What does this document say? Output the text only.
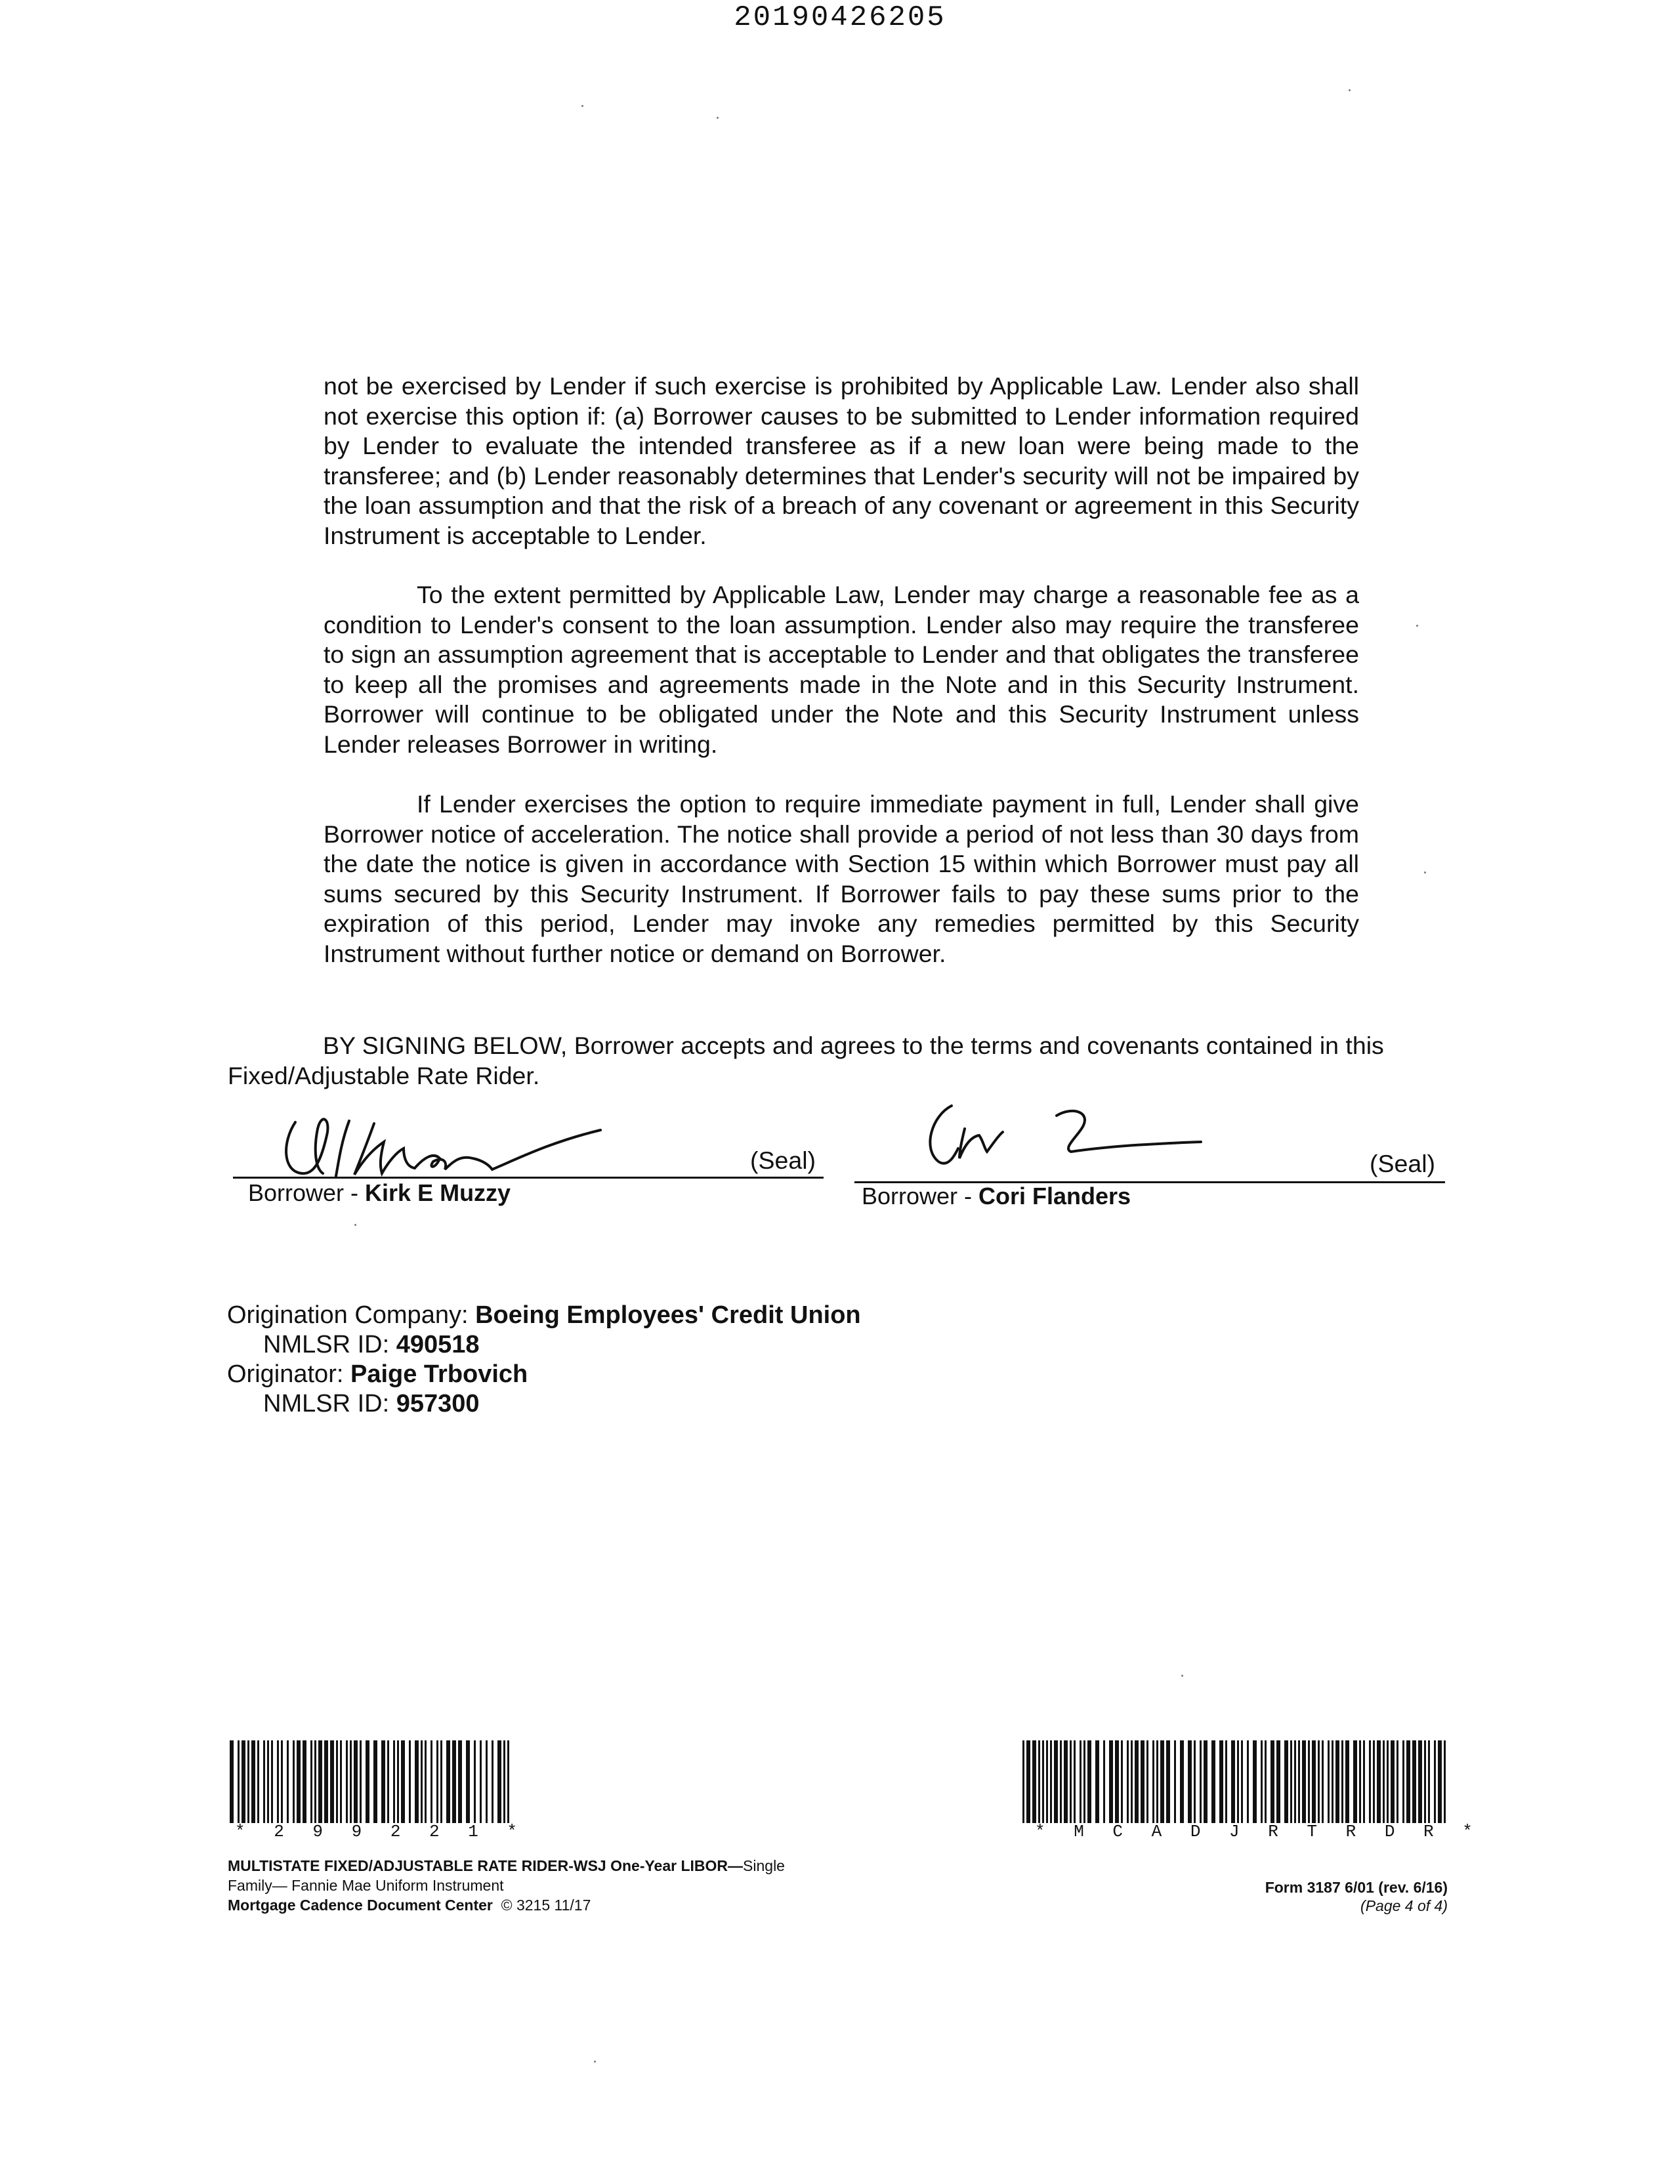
20190426205
not be exercised by Lender if such exercise is prohibited by Applicable Law. Lender also shall not exercise this option if: (a) Borrower causes to be submitted to Lender information required by Lender to evaluate the intended transferee as if a new loan were being made to the transferee; and (b) Lender reasonably determines that Lender's security will not be impaired by the loan assumption and that the risk of a breach of any covenant or agreement in this Security Instrument is acceptable to Lender.
To the extent permitted by Applicable Law, Lender may charge a reasonable fee as a condition to Lender's consent to the loan assumption. Lender also may require the transferee to sign an assumption agreement that is acceptable to Lender and that obligates the transferee to keep all the promises and agreements made in the Note and in this Security Instrument. Borrower will continue to be obligated under the Note and this Security Instrument unless Lender releases Borrower in writing.
If Lender exercises the option to require immediate payment in full, Lender shall give Borrower notice of acceleration. The notice shall provide a period of not less than 30 days from the date the notice is given in accordance with Section 15 within which Borrower must pay all sums secured by this Security Instrument. If Borrower fails to pay these sums prior to the expiration of this period, Lender may invoke any remedies permitted by this Security Instrument without further notice or demand on Borrower.
BY SIGNING BELOW, Borrower accepts and agrees to the terms and covenants contained in this Fixed/Adjustable Rate Rider.
(Seal)
Borrower - Kirk E Muzzy
(Seal)
Borrower - Cori Flanders
Origination Company: Boeing Employees' Credit Union
NMLSR ID: 490518
Originator: Paige Trbovich
NMLSR ID: 957300
* 2 9 9 2 2 1 *	* M C A D J R T R D R *
MULTISTATE FIXED/ADJUSTABLE RATE RIDER-WSJ One-Year LIBOR—Single
Family— Fannie Mae Uniform Instrument
Mortgage Cadence Document Center © 3215 11/17
Form 3187 6/01 (rev. 6/16)
(Page 4 of 4)
